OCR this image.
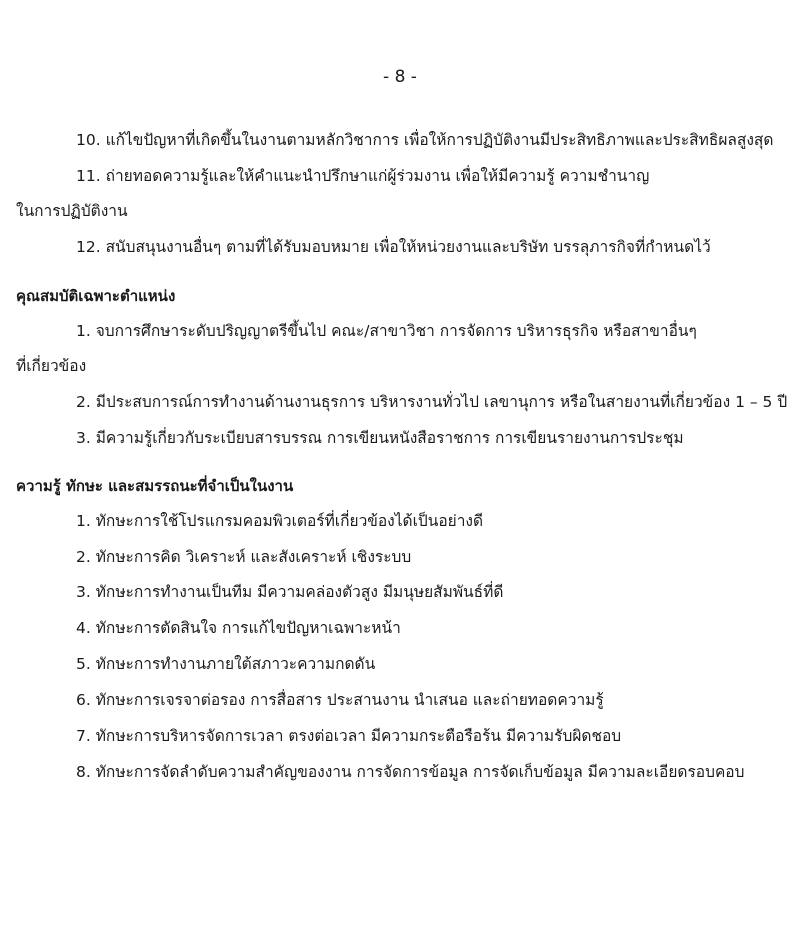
- 8 -
10. แก้ไขปัญหาที่เกิดขึ้นในงานตามหลักวิชาการ เพื่อให้การปฏิบัติงานมีประสิทธิภาพและประสิทธิผลสูงสุด
11. ถ่ายทอดความรู้และให้คำแนะนำปรึกษาแก่ผู้ร่วมงาน เพื่อให้มีความรู้ ความชำนาญ
ในการปฏิบัติงาน
12. สนับสนุนงานอื่นๆ ตามที่ได้รับมอบหมาย เพื่อให้หน่วยงานและบริษัท บรรลุภารกิจที่กำหนดไว้
คุณสมบัติเฉพาะตำแหน่ง
1. จบการศึกษาระดับปริญญาตรีขึ้นไป คณะ/สาขาวิชา การจัดการ บริหารธุรกิจ หรือสาขาอื่นๆ
ที่เกี่ยวข้อง
2. มีประสบการณ์การทำงานด้านงานธุรการ บริหารงานทั่วไป เลขานุการ หรือในสายงานที่เกี่ยวข้อง 1 – 5 ปี
3. มีความรู้เกี่ยวกับระเบียบสารบรรณ การเขียนหนังสือราชการ การเขียนรายงานการประชุม
ความรู้ ทักษะ และสมรรถนะที่จำเป็นในงาน
1. ทักษะการใช้โปรแกรมคอมพิวเตอร์ที่เกี่ยวข้องได้เป็นอย่างดี
2. ทักษะการคิด วิเคราะห์ และสังเคราะห์ เชิงระบบ
3. ทักษะการทำงานเป็นทีม มีความคล่องตัวสูง มีมนุษยสัมพันธ์ที่ดี
4. ทักษะการตัดสินใจ การแก้ไขปัญหาเฉพาะหน้า
5. ทักษะการทำงานภายใต้สภาวะความกดดัน
6. ทักษะการเจรจาต่อรอง การสื่อสาร ประสานงาน นำเสนอ และถ่ายทอดความรู้
7. ทักษะการบริหารจัดการเวลา ตรงต่อเวลา มีความกระตือรือร้น มีความรับผิดชอบ
8. ทักษะการจัดลำดับความสำคัญของงาน การจัดการข้อมูล การจัดเก็บข้อมูล มีความละเอียดรอบคอบ
